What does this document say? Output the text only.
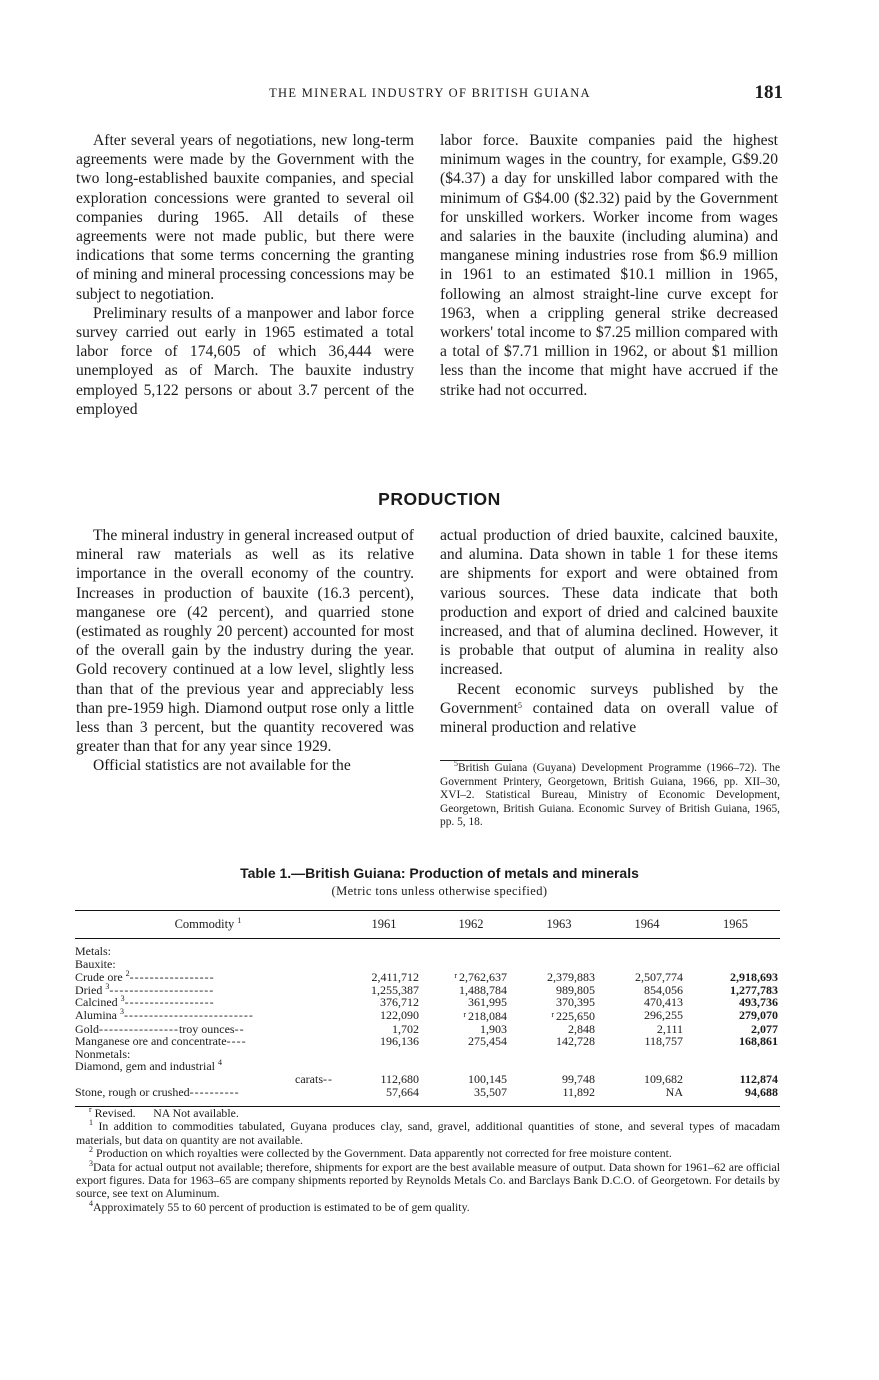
THE MINERAL INDUSTRY OF BRITISH GUIANA	181

After several years of negotiations, new long-term agreements were made by the Government with the two long-established bauxite companies, and special exploration concessions were granted to several oil companies during 1965. All details of these agreements were not made public, but there were indications that some terms concerning the granting of mining and mineral processing concessions may be subject to negotiation.

Preliminary results of a manpower and labor force survey carried out early in 1965 estimated a total labor force of 174,605 of which 36,444 were unemployed as of March. The bauxite industry employed 5,122 persons or about 3.7 percent of the employed

labor force. Bauxite companies paid the highest minimum wages in the country, for example, G$9.20 ($4.37) a day for unskilled labor compared with the minimum of G$4.00 ($2.32) paid by the Government for unskilled workers. Worker income from wages and salaries in the bauxite (including alumina) and manganese mining industries rose from $6.9 million in 1961 to an estimated $10.1 million in 1965, following an almost straight-line curve except for 1963, when a crippling general strike decreased workers' total income to $7.25 million compared with a total of $7.71 million in 1962, or about $1 million less than the income that might have accrued if the strike had not occurred.

PRODUCTION

The mineral industry in general increased output of mineral raw materials as well as its relative importance in the overall economy of the country. Increases in production of bauxite (16.3 percent), manganese ore (42 percent), and quarried stone (estimated as roughly 20 percent) accounted for most of the overall gain by the industry during the year. Gold recovery continued at a low level, slightly less than that of the previous year and appreciably less than pre-1959 high. Diamond output rose only a little less than 3 percent, but the quantity recovered was greater than that for any year since 1929.

Official statistics are not available for the

actual production of dried bauxite, calcined bauxite, and alumina. Data shown in table 1 for these items are shipments for export and were obtained from various sources. These data indicate that both production and export of dried and calcined bauxite increased, and that of alumina declined. However, it is probable that output of alumina in reality also increased.

Recent economic surveys published by the Government$^5$ contained data on overall value of mineral production and relative

$^5$British Guiana (Guyana) Development Programme (1966–72). The Government Printery, Georgetown, British Guiana, 1966, pp. XII–30, XVI–2. Statistical Bureau, Ministry of Economic Development, Georgetown, British Guiana. Economic Survey of British Guiana, 1965, pp. 5, 18.

Table 1.—British Guiana: Production of metals and minerals
(Metric tons unless otherwise specified)
Commodity $^1$	1961	1962	1963	1964	1965

Metals:					
Bauxite:					
Crude ore $^2$-----------------	2,411,712	$^r$ 2,762,637	2,379,883	2,507,774	2,918,693
Dried $^3$---------------------	1,255,387	1,488,784	989,805	854,056	1,277,783
Calcined $^3$------------------	376,712	361,995	370,395	470,413	493,736
Alumina $^3$--------------------------	122,090	$^r$ 218,084	$^r$ 225,650	296,255	279,070
Gold----------------troy ounces--	1,702	1,903	2,848	2,111	2,077
Manganese ore and concentrate----	196,136	275,454	142,728	118,757	168,861
Nonmetals:					
Diamond, gem and industrial $^4$					
carats--	112,680	100,145	99,748	109,682	112,874
Stone, rough or crushed----------	57,664	35,507	11,892	NA	94,688

$^r$ Revised. NA Not available.

$^1$ In addition to commodities tabulated, Guyana produces clay, sand, gravel, additional quantities of stone, and several types of macadam materials, but data on quantity are not available.

$^2$ Production on which royalties were collected by the Government. Data apparently not corrected for free moisture content.

$^3$Data for actual output not available; therefore, shipments for export are the best available measure of output. Data shown for 1961–62 are official export figures. Data for 1963–65 are company shipments reported by Reynolds Metals Co. and Barclays Bank D.C.O. of Georgetown. For details by source, see text on Aluminum.

$^4$Approximately 55 to 60 percent of production is estimated to be of gem quality.
